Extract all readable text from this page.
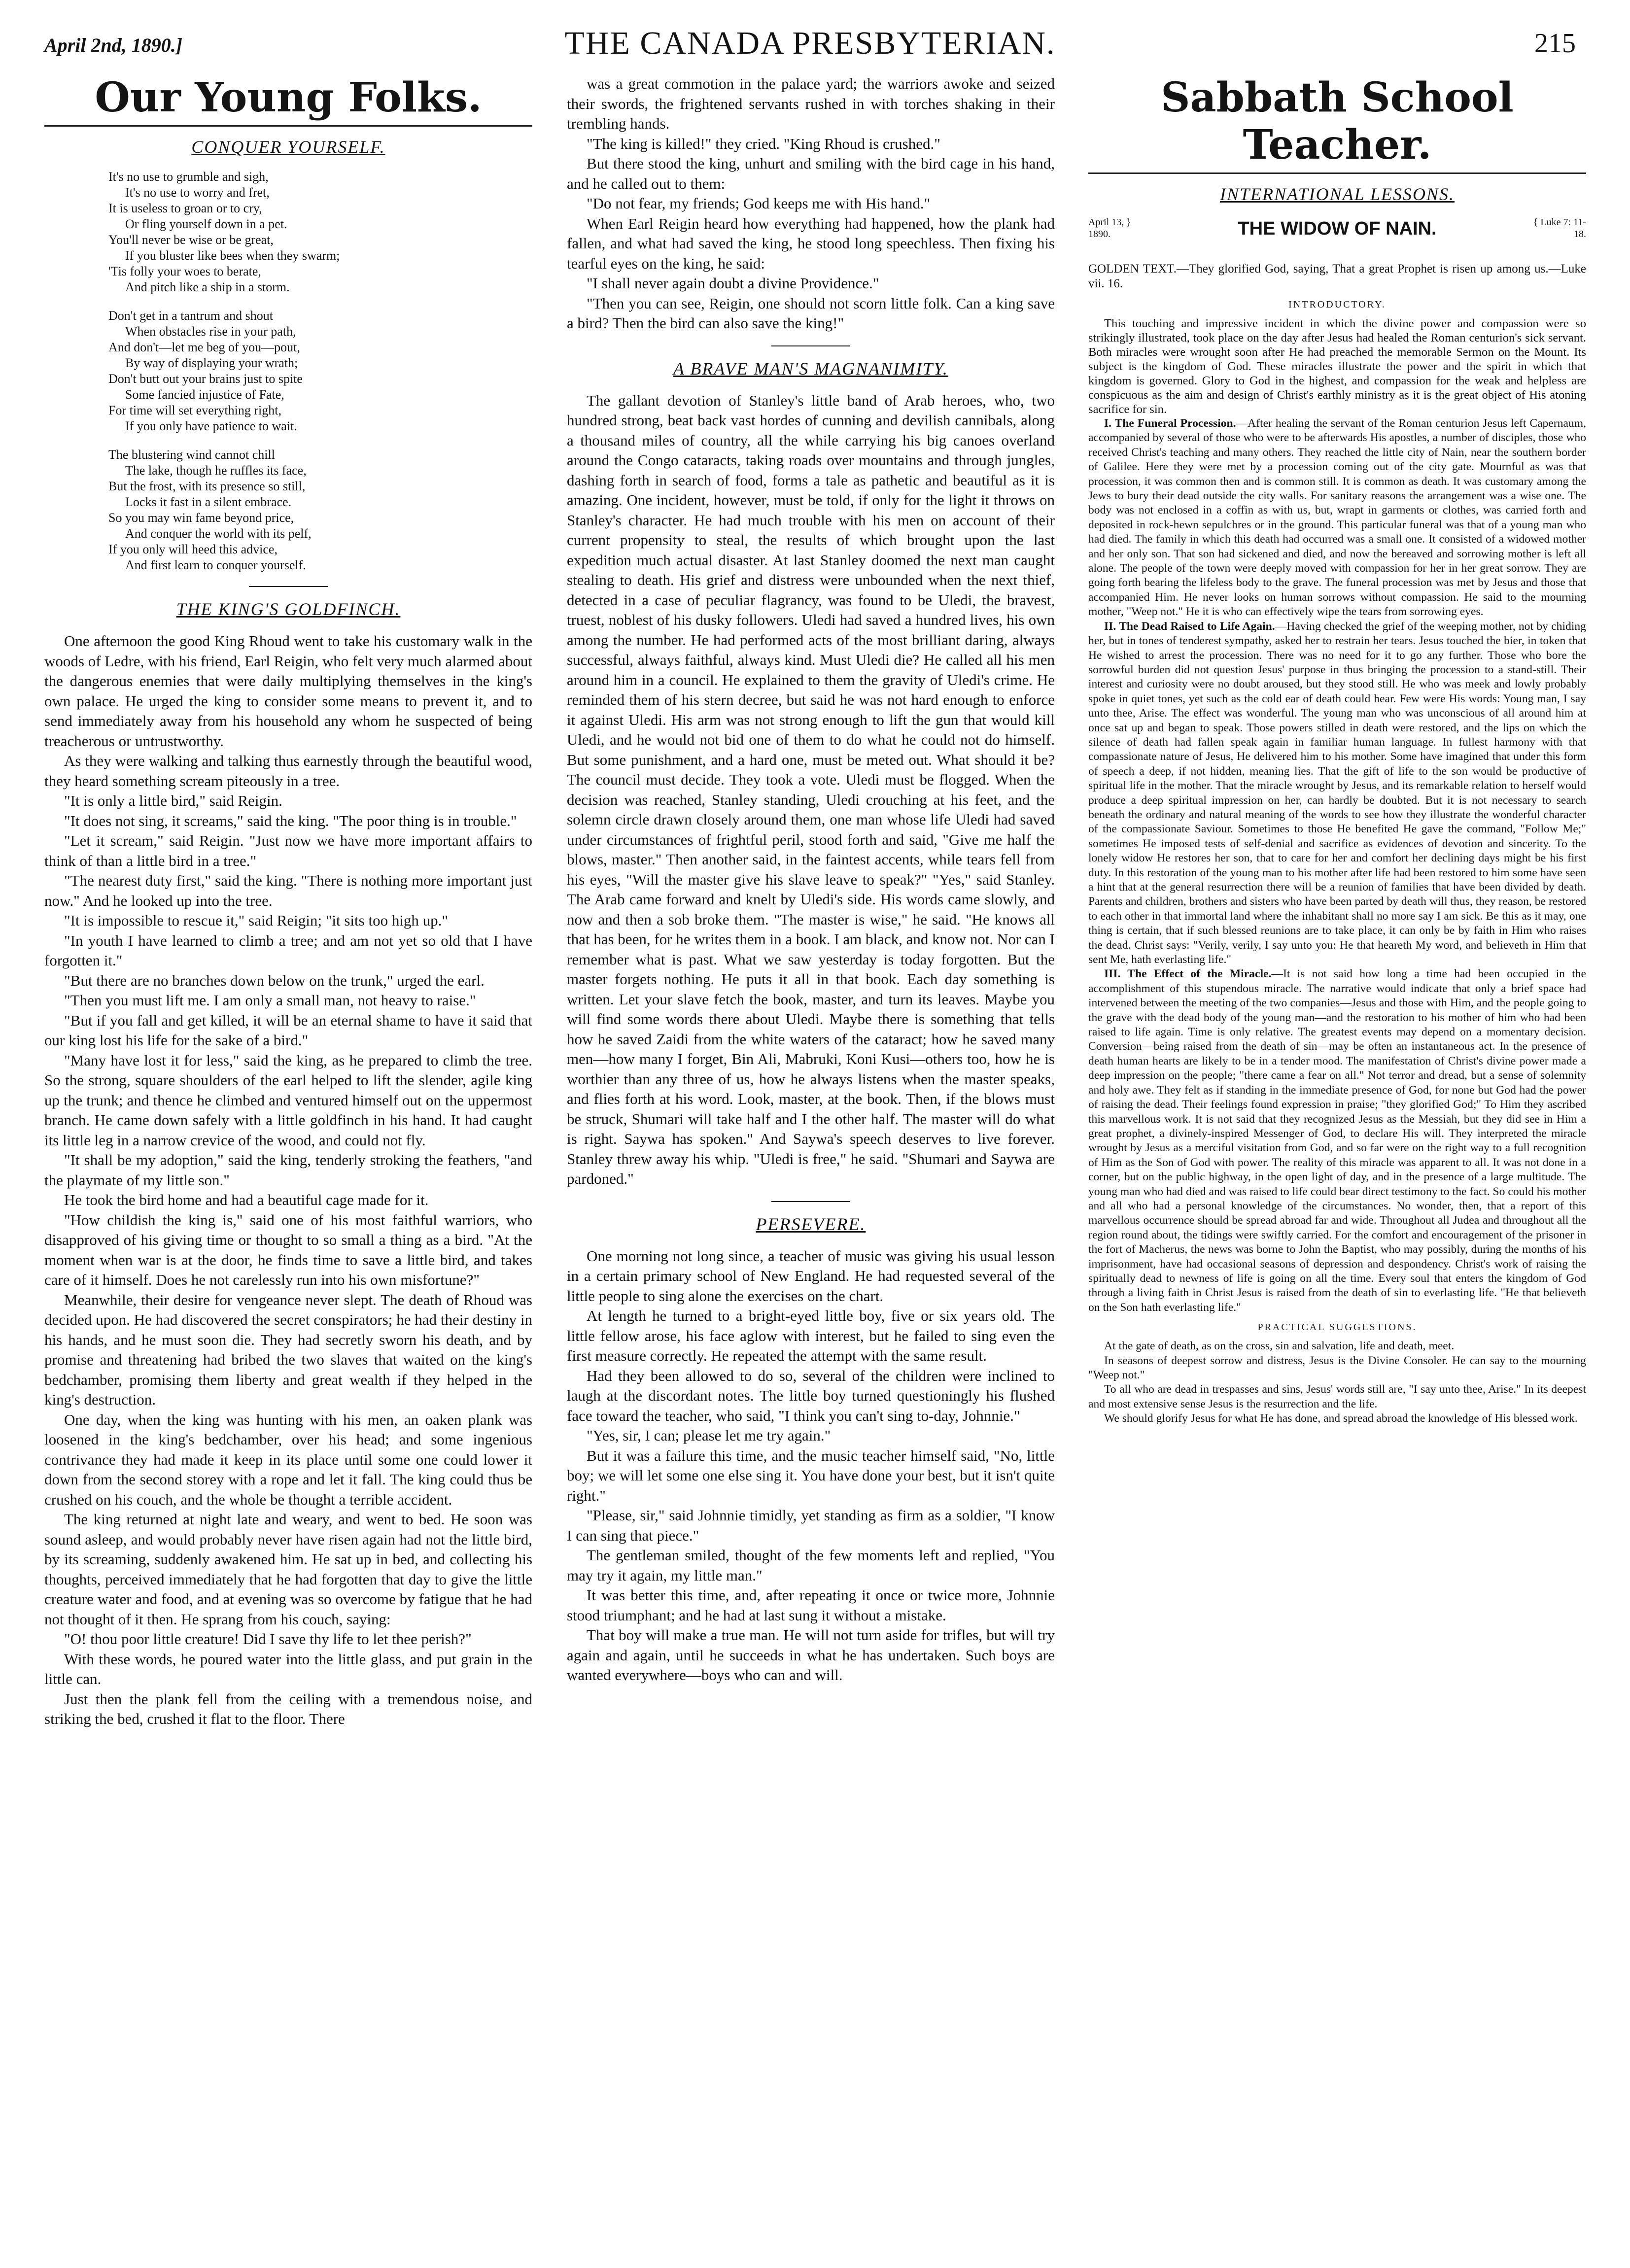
April 2nd, 1890.]	THE CANADA PRESBYTERIAN.	215
Our Young Folks.
CONQUER YOURSELF.
It's no use to grumble and sigh,
It's no use to worry and fret,
It is useless to groan or to cry,
Or fling yourself down in a pet.
You'll never be wise or be great,
If you bluster like bees when they swarm;
'Tis folly your woes to berate,
And pitch like a ship in a storm.
Don't get in a tantrum and shout
When obstacles rise in your path,
And don't—let me beg of you—pout,
By way of displaying your wrath;
Don't butt out your brains just to spite
Some fancied injustice of Fate,
For time will set everything right,
If you only have patience to wait.
The blustering wind cannot chill
The lake, though he ruffles its face,
But the frost, with its presence so still,
Locks it fast in a silent embrace.
So you may win fame beyond price,
And conquer the world with its pelf,
If you only will heed this advice,
And first learn to conquer yourself.
THE KING'S GOLDFINCH.

One afternoon the good King Rhoud went to take his customary walk in the woods of Ledre, with his friend, Earl Reigin, who felt very much alarmed about the dangerous enemies that were daily multiplying themselves in the king's own palace. He urged the king to consider some means to prevent it, and to send immediately away from his household any whom he suspected of being treacherous or untrustworthy.

As they were walking and talking thus earnestly through the beautiful wood, they heard something scream piteously in a tree.

"It is only a little bird," said Reigin.

"It does not sing, it screams," said the king. "The poor thing is in trouble."

"Let it scream," said Reigin. "Just now we have more important affairs to think of than a little bird in a tree."

"The nearest duty first," said the king. "There is nothing more important just now." And he looked up into the tree.

"It is impossible to rescue it," said Reigin; "it sits too high up."

"In youth I have learned to climb a tree; and am not yet so old that I have forgotten it."

"But there are no branches down below on the trunk," urged the earl.

"Then you must lift me. I am only a small man, not heavy to raise."

"But if you fall and get killed, it will be an eternal shame to have it said that our king lost his life for the sake of a bird."

"Many have lost it for less," said the king, as he prepared to climb the tree. So the strong, square shoulders of the earl helped to lift the slender, agile king up the trunk; and thence he climbed and ventured himself out on the uppermost branch. He came down safely with a little goldfinch in his hand. It had caught its little leg in a narrow crevice of the wood, and could not fly.

"It shall be my adoption," said the king, tenderly stroking the feathers, "and the playmate of my little son."

He took the bird home and had a beautiful cage made for it.

"How childish the king is," said one of his most faithful warriors, who disapproved of his giving time or thought to so small a thing as a bird. "At the moment when war is at the door, he finds time to save a little bird, and takes care of it himself. Does he not carelessly run into his own misfortune?"

Meanwhile, their desire for vengeance never slept. The death of Rhoud was decided upon. He had discovered the secret conspirators; he had their destiny in his hands, and he must soon die. They had secretly sworn his death, and by promise and threatening had bribed the two slaves that waited on the king's bedchamber, promising them liberty and great wealth if they helped in the king's destruction.

One day, when the king was hunting with his men, an oaken plank was loosened in the king's bedchamber, over his head; and some ingenious contrivance they had made it keep in its place until some one could lower it down from the second storey with a rope and let it fall. The king could thus be crushed on his couch, and the whole be thought a terrible accident.

The king returned at night late and weary, and went to bed. He soon was sound asleep, and would probably never have risen again had not the little bird, by its screaming, suddenly awakened him. He sat up in bed, and collecting his thoughts, perceived immediately that he had forgotten that day to give the little creature water and food, and at evening was so overcome by fatigue that he had not thought of it then. He sprang from his couch, saying:

"O! thou poor little creature! Did I save thy life to let thee perish?"

With these words, he poured water into the little glass, and put grain in the little can.

Just then the plank fell from the ceiling with a tremendous noise, and striking the bed, crushed it flat to the floor. There

was a great commotion in the palace yard; the warriors awoke and seized their swords, the frightened servants rushed in with torches shaking in their trembling hands.

"The king is killed!" they cried. "King Rhoud is crushed."

But there stood the king, unhurt and smiling with the bird cage in his hand, and he called out to them:

"Do not fear, my friends; God keeps me with His hand."

When Earl Reigin heard how everything had happened, how the plank had fallen, and what had saved the king, he stood long speechless. Then fixing his tearful eyes on the king, he said:

"I shall never again doubt a divine Providence."

"Then you can see, Reigin, one should not scorn little folk. Can a king save a bird? Then the bird can also save the king!"

A BRAVE MAN'S MAGNANIMITY.

The gallant devotion of Stanley's little band of Arab heroes, who, two hundred strong, beat back vast hordes of cunning and devilish cannibals, along a thousand miles of country, all the while carrying his big canoes overland around the Congo cataracts, taking roads over mountains and through jungles, dashing forth in search of food, forms a tale as pathetic and beautiful as it is amazing. One incident, however, must be told, if only for the light it throws on Stanley's character. He had much trouble with his men on account of their current propensity to steal, the results of which brought upon the last expedition much actual disaster. At last Stanley doomed the next man caught stealing to death. His grief and distress were unbounded when the next thief, detected in a case of peculiar flagrancy, was found to be Uledi, the bravest, truest, noblest of his dusky followers. Uledi had saved a hundred lives, his own among the number. He had performed acts of the most brilliant daring, always successful, always faithful, always kind. Must Uledi die? He called all his men around him in a council. He explained to them the gravity of Uledi's crime. He reminded them of his stern decree, but said he was not hard enough to enforce it against Uledi. His arm was not strong enough to lift the gun that would kill Uledi, and he would not bid one of them to do what he could not do himself. But some punishment, and a hard one, must be meted out. What should it be? The council must decide. They took a vote. Uledi must be flogged. When the decision was reached, Stanley standing, Uledi crouching at his feet, and the solemn circle drawn closely around them, one man whose life Uledi had saved under circumstances of frightful peril, stood forth and said, "Give me half the blows, master." Then another said, in the faintest accents, while tears fell from his eyes, "Will the master give his slave leave to speak?" "Yes," said Stanley. The Arab came forward and knelt by Uledi's side. His words came slowly, and now and then a sob broke them. "The master is wise," he said. "He knows all that has been, for he writes them in a book. I am black, and know not. Nor can I remember what is past. What we saw yesterday is today forgotten. But the master forgets nothing. He puts it all in that book. Each day something is written. Let your slave fetch the book, master, and turn its leaves. Maybe you will find some words there about Uledi. Maybe there is something that tells how he saved Zaidi from the white waters of the cataract; how he saved many men—how many I forget, Bin Ali, Mabruki, Koni Kusi—others too, how he is worthier than any three of us, how he always listens when the master speaks, and flies forth at his word. Look, master, at the book. Then, if the blows must be struck, Shumari will take half and I the other half. The master will do what is right. Saywa has spoken." And Saywa's speech deserves to live forever. Stanley threw away his whip. "Uledi is free," he said. "Shumari and Saywa are pardoned."

PERSEVERE.

One morning not long since, a teacher of music was giving his usual lesson in a certain primary school of New England. He had requested several of the little people to sing alone the exercises on the chart.

At length he turned to a bright-eyed little boy, five or six years old. The little fellow arose, his face aglow with interest, but he failed to sing even the first measure correctly. He repeated the attempt with the same result.

Had they been allowed to do so, several of the children were inclined to laugh at the discordant notes. The little boy turned questioningly his flushed face toward the teacher, who said, "I think you can't sing to-day, Johnnie."

"Yes, sir, I can; please let me try again."

But it was a failure this time, and the music teacher himself said, "No, little boy; we will let some one else sing it. You have done your best, but it isn't quite right."

"Please, sir," said Johnnie timidly, yet standing as firm as a soldier, "I know I can sing that piece."

The gentleman smiled, thought of the few moments left and replied, "You may try it again, my little man."

It was better this time, and, after repeating it once or twice more, Johnnie stood triumphant; and he had at last sung it without a mistake.

That boy will make a true man. He will not turn aside for trifles, but will try again and again, until he succeeds in what he has undertaken. Such boys are wanted everywhere—boys who can and will.

Sabbath School Teacher.
INTERNATIONAL LESSONS.
April 13, } 1890.	THE WIDOW OF NAIN.	{ Luke 7: 11-18.
GOLDEN TEXT.—They glorified God, saying, That a great Prophet is risen up among us.—Luke vii. 16.
INTRODUCTORY.

This touching and impressive incident in which the divine power and compassion were so strikingly illustrated, took place on the day after Jesus had healed the Roman centurion's sick servant. Both miracles were wrought soon after He had preached the memorable Sermon on the Mount. Its subject is the kingdom of God. These miracles illustrate the power and the spirit in which that kingdom is governed. Glory to God in the highest, and compassion for the weak and helpless are conspicuous as the aim and design of Christ's earthly ministry as it is the great object of His atoning sacrifice for sin.

I. The Funeral Procession.—After healing the servant of the Roman centurion Jesus left Capernaum, accompanied by several of those who were to be afterwards His apostles, a number of disciples, those who received Christ's teaching and many others. They reached the little city of Nain, near the southern border of Galilee. Here they were met by a procession coming out of the city gate. Mournful as was that procession, it was common then and is common still. It is common as death. It was customary among the Jews to bury their dead outside the city walls. For sanitary reasons the arrangement was a wise one. The body was not enclosed in a coffin as with us, but, wrapt in garments or clothes, was carried forth and deposited in rock-hewn sepulchres or in the ground. This particular funeral was that of a young man who had died. The family in which this death had occurred was a small one. It consisted of a widowed mother and her only son. That son had sickened and died, and now the bereaved and sorrowing mother is left all alone. The people of the town were deeply moved with compassion for her in her great sorrow. They are going forth bearing the lifeless body to the grave. The funeral procession was met by Jesus and those that accompanied Him. He never looks on human sorrows without compassion. He said to the mourning mother, "Weep not." He it is who can effectively wipe the tears from sorrowing eyes.

II. The Dead Raised to Life Again.—Having checked the grief of the weeping mother, not by chiding her, but in tones of tenderest sympathy, asked her to restrain her tears. Jesus touched the bier, in token that He wished to arrest the procession. There was no need for it to go any further. Those who bore the sorrowful burden did not question Jesus' purpose in thus bringing the procession to a stand-still. Their interest and curiosity were no doubt aroused, but they stood still. He who was meek and lowly probably spoke in quiet tones, yet such as the cold ear of death could hear. Few were His words: Young man, I say unto thee, Arise. The effect was wonderful. The young man who was unconscious of all around him at once sat up and began to speak. Those powers stilled in death were restored, and the lips on which the silence of death had fallen speak again in familiar human language. In fullest harmony with that compassionate nature of Jesus, He delivered him to his mother. Some have imagined that under this form of speech a deep, if not hidden, meaning lies. That the gift of life to the son would be productive of spiritual life in the mother. That the miracle wrought by Jesus, and its remarkable relation to herself would produce a deep spiritual impression on her, can hardly be doubted. But it is not necessary to search beneath the ordinary and natural meaning of the words to see how they illustrate the wonderful character of the compassionate Saviour. Sometimes to those He benefited He gave the command, "Follow Me;" sometimes He imposed tests of self-denial and sacrifice as evidences of devotion and sincerity. To the lonely widow He restores her son, that to care for her and comfort her declining days might be his first duty. In this restoration of the young man to his mother after life had been restored to him some have seen a hint that at the general resurrection there will be a reunion of families that have been divided by death. Parents and children, brothers and sisters who have been parted by death will thus, they reason, be restored to each other in that immortal land where the inhabitant shall no more say I am sick. Be this as it may, one thing is certain, that if such blessed reunions are to take place, it can only be by faith in Him who raises the dead. Christ says: "Verily, verily, I say unto you: He that heareth My word, and believeth in Him that sent Me, hath everlasting life."

III. The Effect of the Miracle.—It is not said how long a time had been occupied in the accomplishment of this stupendous miracle. The narrative would indicate that only a brief space had intervened between the meeting of the two companies—Jesus and those with Him, and the people going to the grave with the dead body of the young man—and the restoration to his mother of him who had been raised to life again. Time is only relative. The greatest events may depend on a momentary decision. Conversion—being raised from the death of sin—may be often an instantaneous act. In the presence of death human hearts are likely to be in a tender mood. The manifestation of Christ's divine power made a deep impression on the people; "there came a fear on all." Not terror and dread, but a sense of solemnity and holy awe. They felt as if standing in the immediate presence of God, for none but God had the power of raising the dead. Their feelings found expression in praise; "they glorified God;" To Him they ascribed this marvellous work. It is not said that they recognized Jesus as the Messiah, but they did see in Him a great prophet, a divinely-inspired Messenger of God, to declare His will. They interpreted the miracle wrought by Jesus as a merciful visitation from God, and so far were on the right way to a full recognition of Him as the Son of God with power. The reality of this miracle was apparent to all. It was not done in a corner, but on the public highway, in the open light of day, and in the presence of a large multitude. The young man who had died and was raised to life could bear direct testimony to the fact. So could his mother and all who had a personal knowledge of the circumstances. No wonder, then, that a report of this marvellous occurrence should be spread abroad far and wide. Throughout all Judea and throughout all the region round about, the tidings were swiftly carried. For the comfort and encouragement of the prisoner in the fort of Macherus, the news was borne to John the Baptist, who may possibly, during the months of his imprisonment, have had occasional seasons of depression and despondency. Christ's work of raising the spiritually dead to newness of life is going on all the time. Every soul that enters the kingdom of God through a living faith in Christ Jesus is raised from the death of sin to everlasting life. "He that believeth on the Son hath everlasting life."

PRACTICAL SUGGESTIONS.

At the gate of death, as on the cross, sin and salvation, life and death, meet.

In seasons of deepest sorrow and distress, Jesus is the Divine Consoler. He can say to the mourning "Weep not."

To all who are dead in trespasses and sins, Jesus' words still are, "I say unto thee, Arise." In its deepest and most extensive sense Jesus is the resurrection and the life.

We should glorify Jesus for what He has done, and spread abroad the knowledge of His blessed work.
